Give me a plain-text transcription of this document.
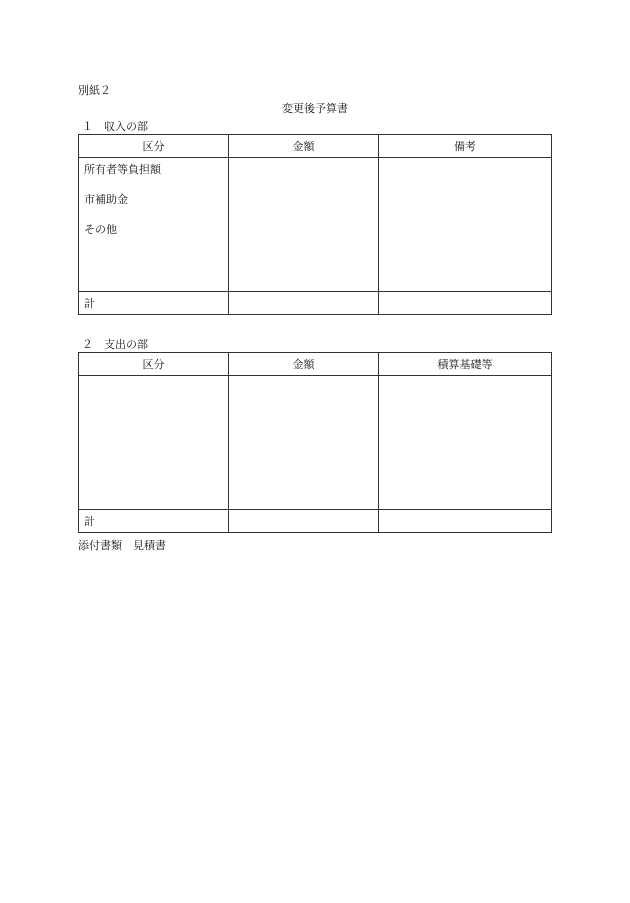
別紙２
変更後予算書
１　収入の部
区分	金額	備考

所有者等負担額
市補助金
その他		

計		
２　支出の部
区分	金額	積算基礎等

計		
添付書類　見積書
